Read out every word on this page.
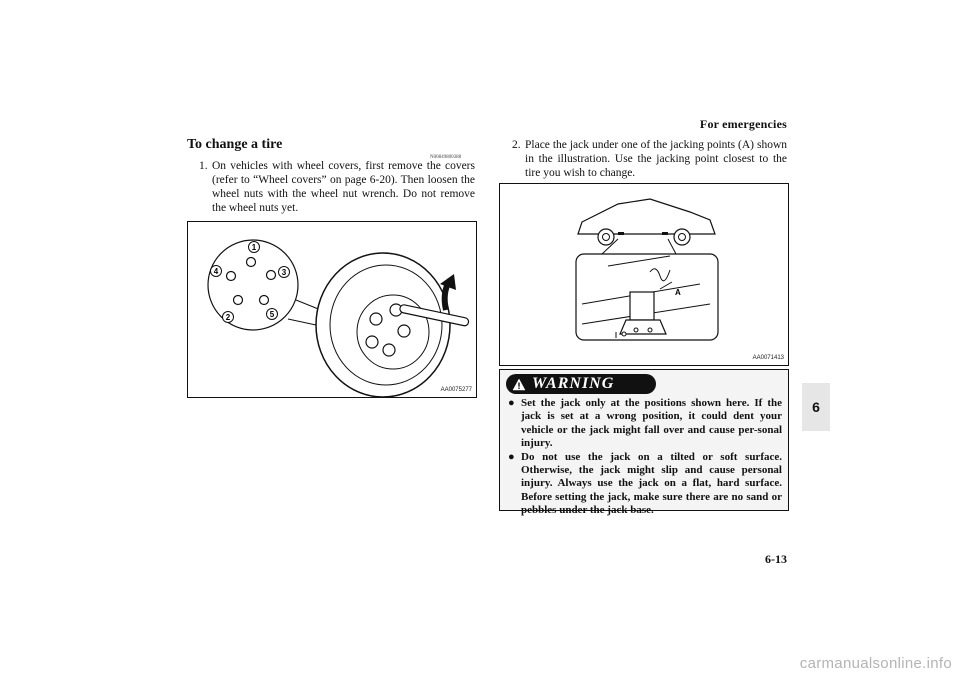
For emergencies
6
To change a tire
N00849800388
1. On vehicles with wheel covers, first remove the covers (refer to “Wheel covers” on page 6-20). Then loosen the wheel nuts with the wheel nut wrench. Do not remove the wheel nuts yet.
1
2
3
4
5
AA0075277
2. Place the jack under one of the jacking points (A) shown in the illustration. Use the jacking point closest to the tire you wish to change.
A
AA0071413
WARNING
● Set the jack only at the positions shown here. If the jack is set at a wrong position, it could dent your vehicle or the jack might fall over and cause per-sonal injury.
● Do not use the jack on a tilted or soft surface. Otherwise, the jack might slip and cause personal injury. Always use the jack on a flat, hard surface. Before setting the jack, make sure there are no sand or pebbles under the jack base.
6-13
carmanualsonline.info
